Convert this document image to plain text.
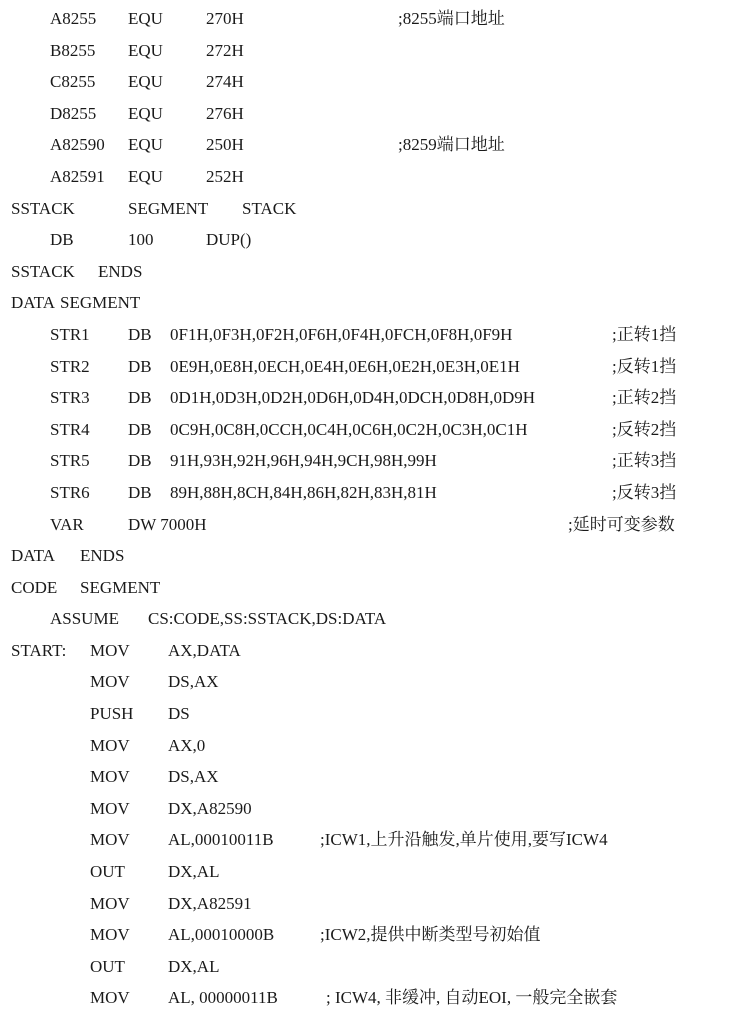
A8255 EQU	270H	;8255端口地址
B8255 EQU	272H
C8255 EQU	274H
D8255 EQU	276H
A82590 EQU	250H	;8259端口地址
A82591 EQU	252H
SSTACK	SEGMENT STACK
DB	100	DUP()
SSTACK ENDS
DATA SEGMENT
STR1 DB 0F1H,0F3H,0F2H,0F6H,0F4H,0FCH,0F8H,0F9H	;正转1挡
STR2 DB 0E9H,0E8H,0ECH,0E4H,0E6H,0E2H,0E3H,0E1H	;反转1挡
STR3 DB 0D1H,0D3H,0D2H,0D6H,0D4H,0DCH,0D8H,0D9H	;正转2挡
STR4 DB 0C9H,0C8H,0CCH,0C4H,0C6H,0C2H,0C3H,0C1H	;反转2挡
STR5 DB 91H,93H,92H,96H,94H,9CH,98H,99H	;正转3挡
STR6 DB 89H,88H,8CH,84H,86H,82H,83H,81H	;反转3挡
VAR	DW 7000H	;延时可变参数
DATA ENDS
CODE SEGMENT
ASSUME CS:CODE,SS:SSTACK,DS:DATA
START: MOV AX,DATA
MOV DS,AX
PUSH DS
MOV AX,0
MOV DS,AX
MOV DX,A82590
MOV AL,00010011B	;ICW1,上升沿触发,单片使用,要写ICW4
OUT	DX,AL
MOV DX,A82591
MOV AL,00010000B	;ICW2,提供中断类型号初始值
OUT	DX,AL
MOV AL, 00000011B	; ICW4, 非缓冲, 自动EOI, 一般完全嵌套
